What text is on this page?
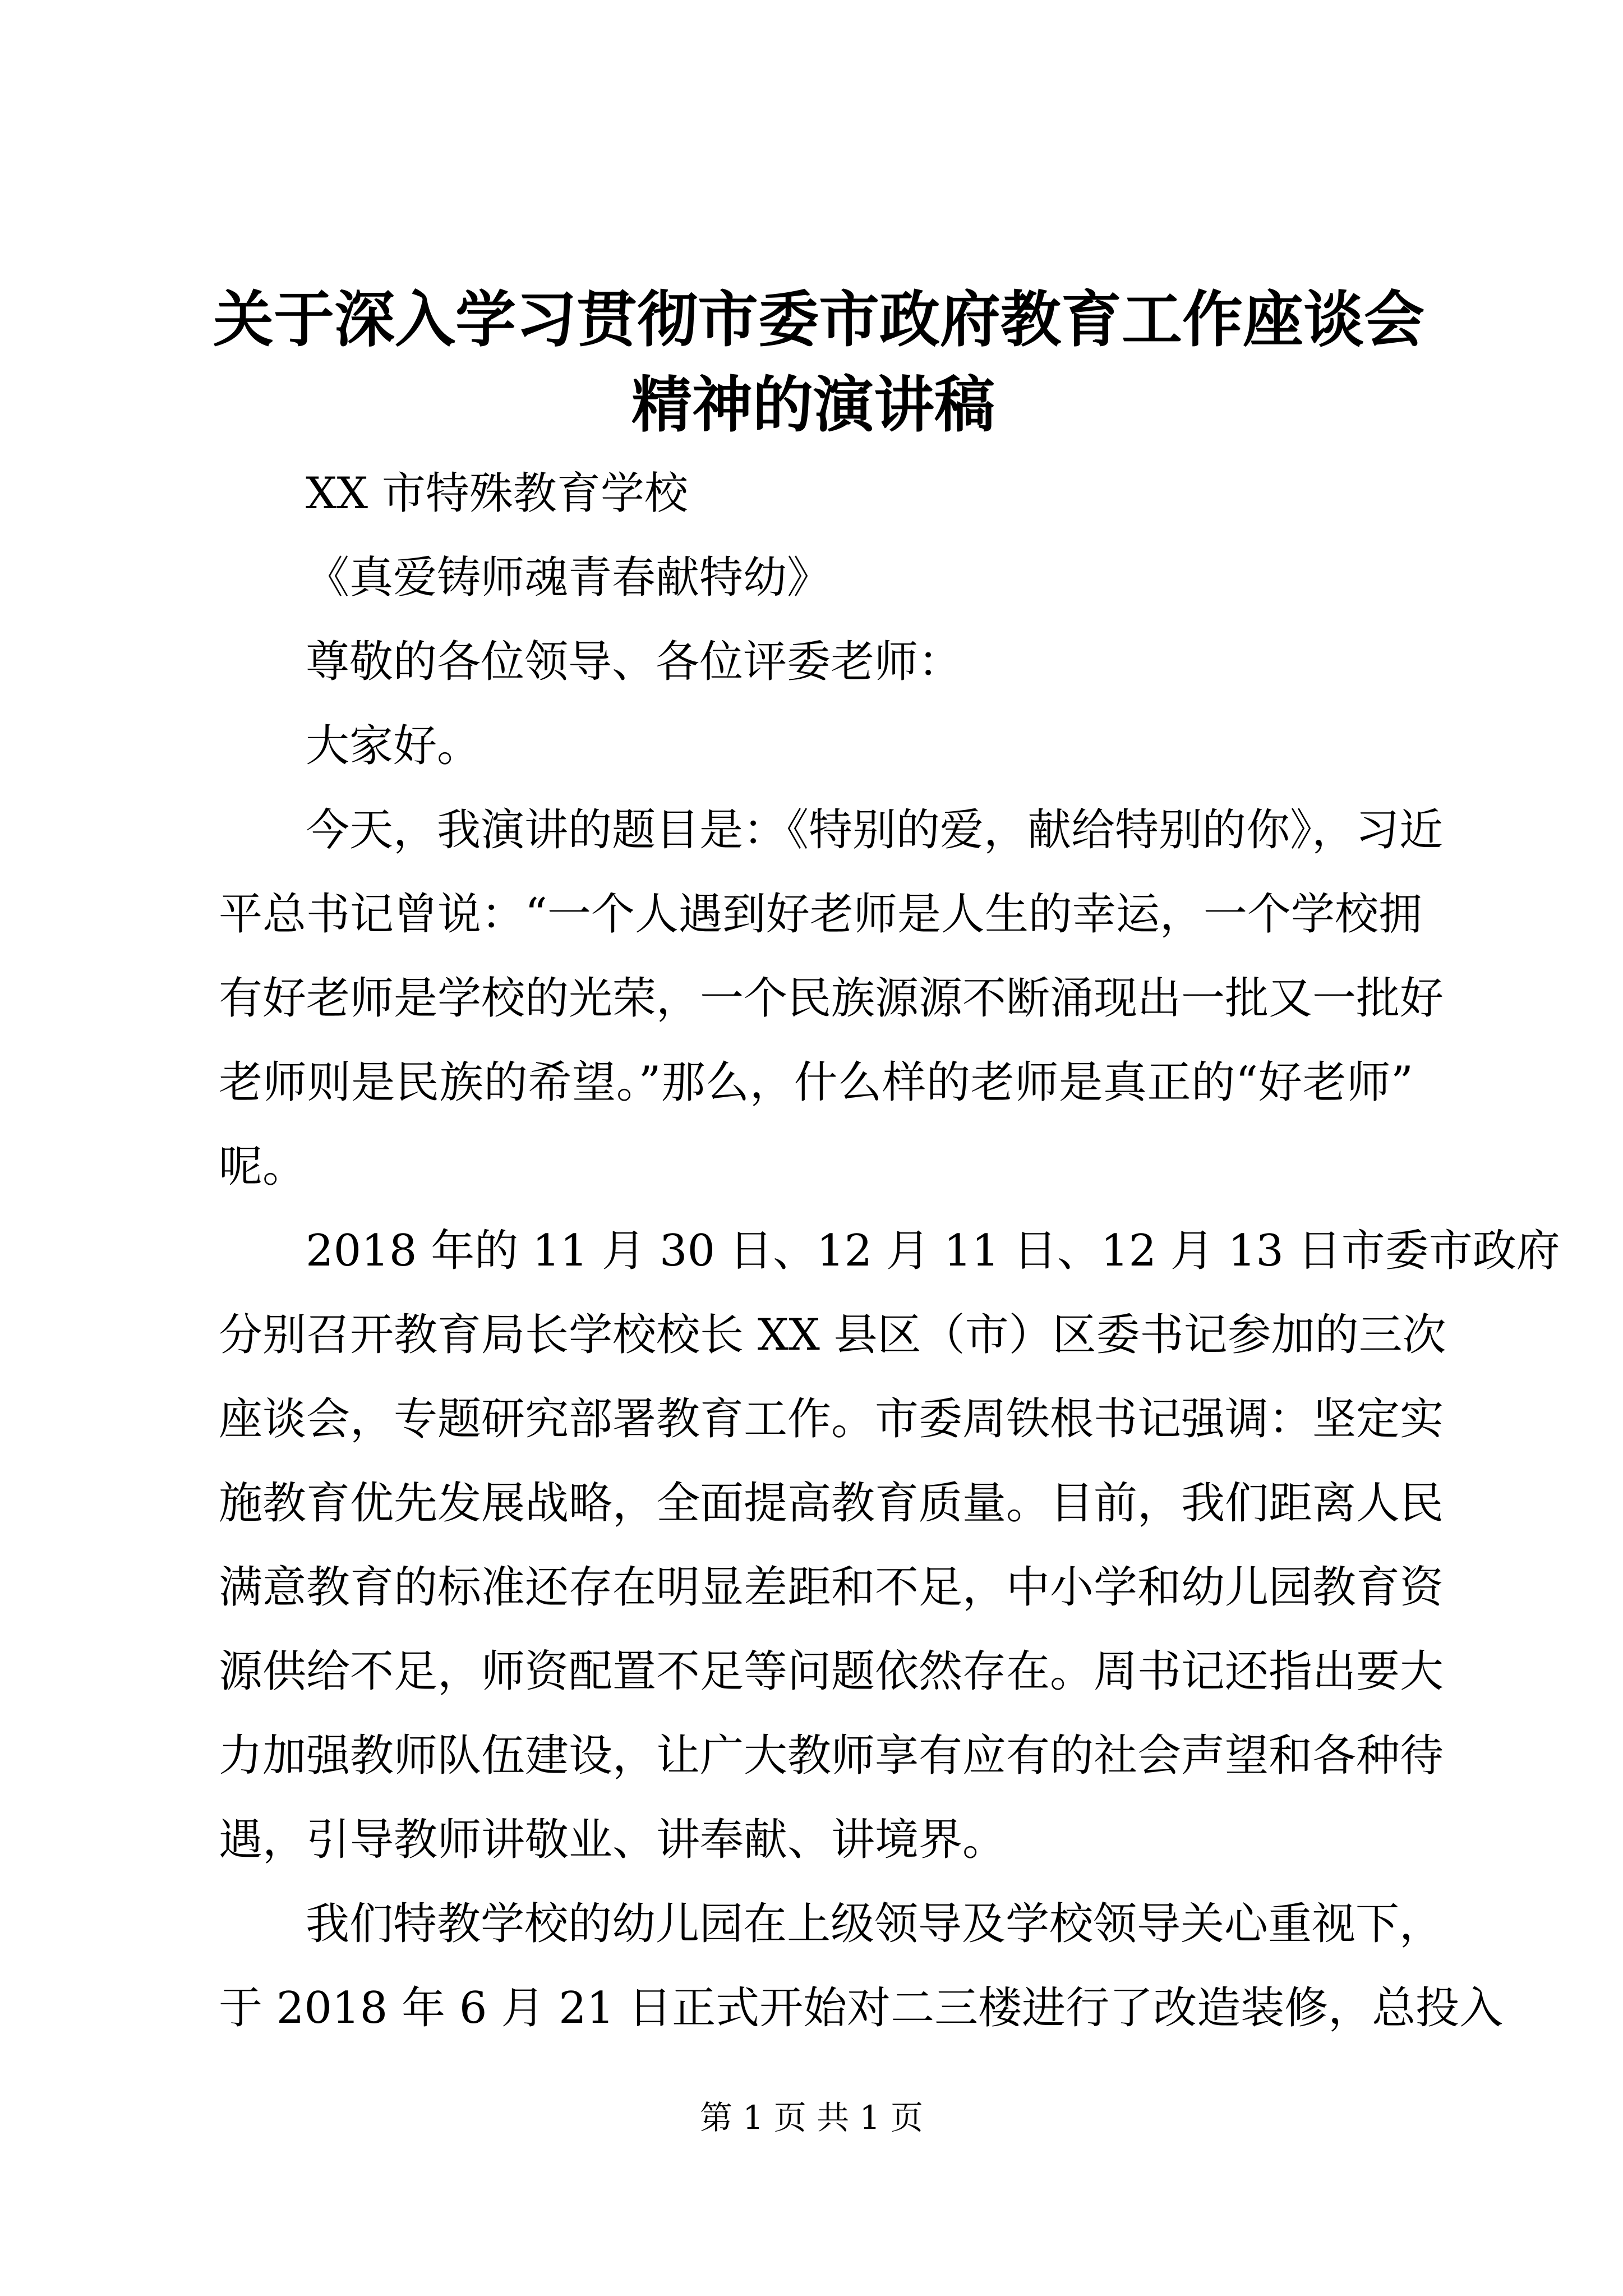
关于深入学习贯彻市委市政府教育工作座谈会
精神的演讲稿

XX 市特殊教育学校

《真爱铸师魂青春献特幼》

尊敬的各位领导、各位评委老师：

大家好。

今天，我演讲的题目是：《特别的爱，献给特别的你》，习近

平总书记曾说：“一个人遇到好老师是人生的幸运，一个学校拥

有好老师是学校的光荣，一个民族源源不断涌现出一批又一批好

老师则是民族的希望。”那么，什么样的老师是真正的“好老师”

呢。

2018 年的 11 月 30 日、12 月 11 日、12 月 13 日市委市政府

分别召开教育局长学校校长 XX 县区（市）区委书记参加的三次

座谈会，专题研究部署教育工作。市委周铁根书记强调：坚定实

施教育优先发展战略，全面提高教育质量。目前，我们距离人民

满意教育的标准还存在明显差距和不足，中小学和幼儿园教育资

源供给不足，师资配置不足等问题依然存在。周书记还指出要大

力加强教师队伍建设，让广大教师享有应有的社会声望和各种待

遇，引导教师讲敬业、讲奉献、讲境界。

我们特教学校的幼儿园在上级领导及学校领导关心重视下，

于 2018 年 6 月 21 日正式开始对二三楼进行了改造装修，总投入

第 1 页 共 1 页
